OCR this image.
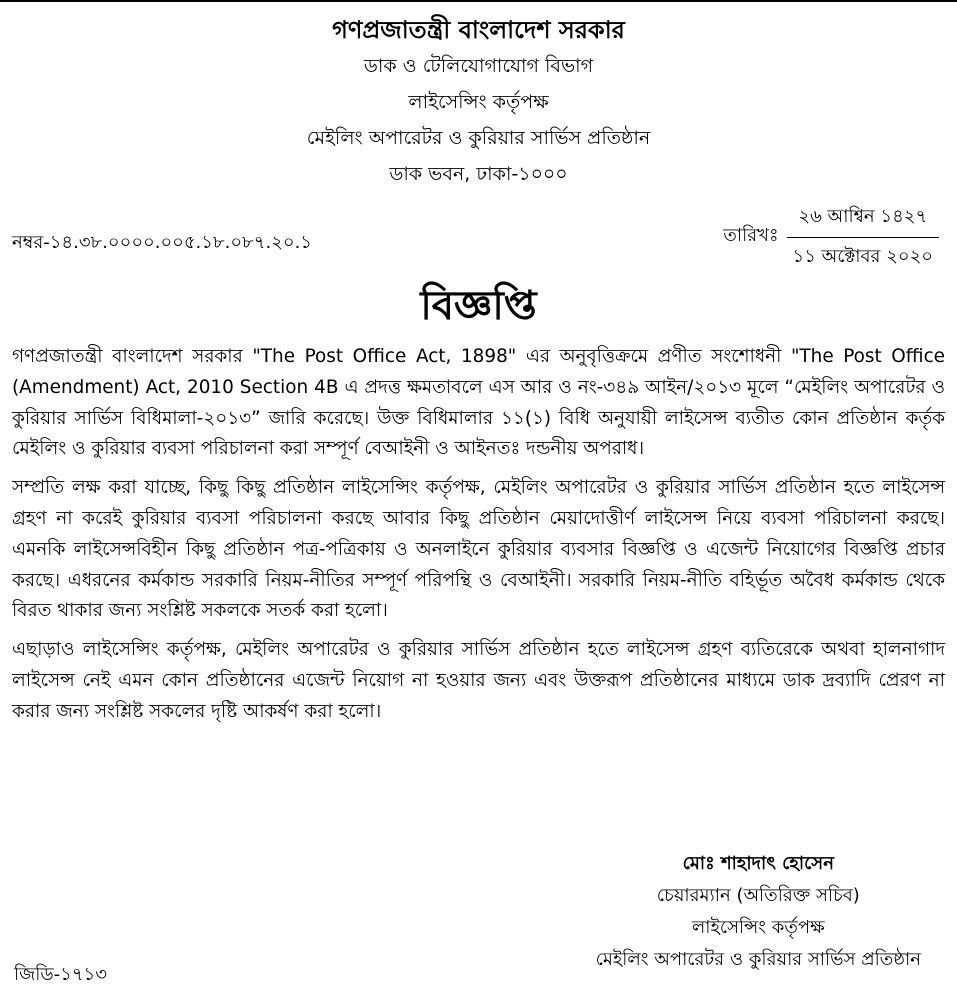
গণপ্রজাতন্ত্রী বাংলাদেশ সরকার
ডাক ও টেলিযোগাযোগ বিভাগ
লাইসেন্সিং কর্তৃপক্ষ
মেইলিং অপারেটর ও কুরিয়ার সার্ভিস প্রতিষ্ঠান
ডাক ভবন, ঢাকা-১০০০
নম্বর-১৪.৩৮.০০০০.০০৫.১৮.০৮৭.২০.১	তারিখঃ
২৬ আশ্বিন ১৪২৭
১১ অক্টোবর ২০২০
বিজ্ঞপ্তি

গণপ্রজাতন্ত্রী বাংলাদেশ সরকার "The Post Office Act, 1898" এর অনুবৃত্তিক্রমে প্রণীত সংশোধনী "The Post Office (Amendment) Act, 2010 Section 4B এ প্রদত্ত ক্ষমতাবলে এস আর ও নং-৩৪৯ আইন/২০১৩ মূলে “মেইলিং অপারেটর ও কুরিয়ার সার্ভিস বিধিমালা-২০১৩” জারি করেছে। উক্ত বিধিমালার ১১(১) বিধি অনুযায়ী লাইসেন্স ব্যতীত কোন প্রতিষ্ঠান কর্তৃক মেইলিং ও কুরিয়ার ব্যবসা পরিচালনা করা সম্পূর্ণ বেআইনী ও আইনতঃ দন্ডনীয় অপরাধ।

সম্প্রতি লক্ষ করা যাচ্ছে, কিছু কিছু প্রতিষ্ঠান লাইসেন্সিং কর্তৃপক্ষ, মেইলিং অপারেটর ও কুরিয়ার সার্ভিস প্রতিষ্ঠান হতে লাইসেন্স গ্রহণ না করেই কুরিয়ার ব্যবসা পরিচালনা করছে আবার কিছু প্রতিষ্ঠান মেয়াদোত্তীর্ণ লাইসেন্স নিয়ে ব্যবসা পরিচালনা করছে। এমনকি লাইসেন্সবিহীন কিছু প্রতিষ্ঠান পত্র-পত্রিকায় ও অনলাইনে কুরিয়ার ব্যবসার বিজ্ঞপ্তি ও এজেন্ট নিয়োগের বিজ্ঞপ্তি প্রচার করছে। এধরনের কর্মকান্ড সরকারি নিয়ম-নীতির সম্পূর্ণ পরিপন্থি ও বেআইনী। সরকারি নিয়ম-নীতি বহির্ভূত অবৈধ কর্মকান্ড থেকে বিরত থাকার জন্য সংশ্লিষ্ট সকলকে সতর্ক করা হলো।

এছাড়াও লাইসেন্সিং কর্তৃপক্ষ, মেইলিং অপারেটর ও কুরিয়ার সার্ভিস প্রতিষ্ঠান হতে লাইসেন্স গ্রহণ ব্যতিরেকে অথবা হালনাগাদ লাইসেন্স নেই এমন কোন প্রতিষ্ঠানের এজেন্ট নিয়োগ না হওয়ার জন্য এবং উক্তরূপ প্রতিষ্ঠানের মাধ্যমে ডাক দ্রব্যাদি প্রেরণ না করার জন্য সংশ্লিষ্ট সকলের দৃষ্টি আকর্ষণ করা হলো।

মোঃ শাহাদাৎ হোসেন
চেয়ারম্যান (অতিরিক্ত সচিব)
লাইসেন্সিং কর্তৃপক্ষ
মেইলিং অপারেটর ও কুরিয়ার সার্ভিস প্রতিষ্ঠান
জিডি-১৭১৩
